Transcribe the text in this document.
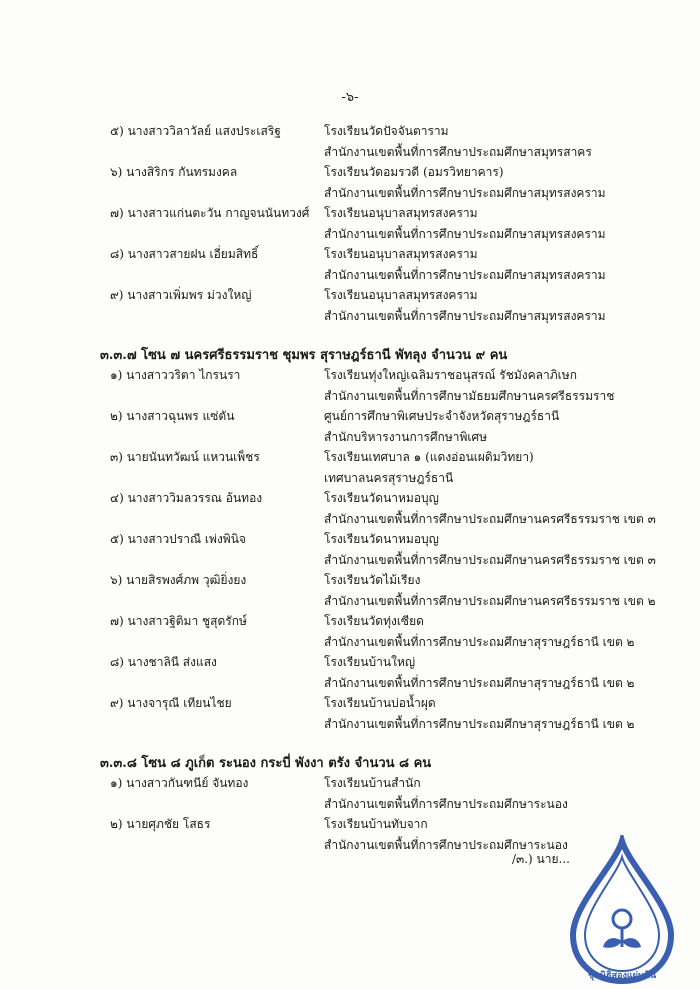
-๖-
๕) นางสาววิลาวัลย์ แสงประเสริฐ	โรงเรียนวัดปัจจันตาราม
สำนักงานเขตพื้นที่การศึกษาประถมศึกษาสมุทรสาคร
๖) นางสิริกร กันทรมงคล	โรงเรียนวัดอมรวดี (อมรวิทยาคาร)
สำนักงานเขตพื้นที่การศึกษาประถมศึกษาสมุทรสงคราม
๗) นางสาวแก่นตะวัน กาญจนนันทวงศ์ โรงเรียนอนุบาลสมุทรสงคราม
สำนักงานเขตพื้นที่การศึกษาประถมศึกษาสมุทรสงคราม
๘) นางสาวสายฝน เอี่ยมสิทธิ์	โรงเรียนอนุบาลสมุทรสงคราม
สำนักงานเขตพื้นที่การศึกษาประถมศึกษาสมุทรสงคราม
๙) นางสาวเพิ่มพร ม่วงใหญ่	โรงเรียนอนุบาลสมุทรสงคราม
สำนักงานเขตพื้นที่การศึกษาประถมศึกษาสมุทรสงคราม
๓.๓.๗ โซน ๗ นครศรีธรรมราช ชุมพร สุราษฎร์ธานี พัทลุง จำนวน ๙ คน
๑) นางสาววริตา ไกรนรา	โรงเรียนทุ่งใหญ่เฉลิมราชอนุสรณ์ รัชมังคลาภิเษก
สำนักงานเขตพื้นที่การศึกษามัธยมศึกษานครศรีธรรมราช
๒) นางสาวฉุนพร แซ่ตัน	ศูนย์การศึกษาพิเศษประจำจังหวัดสุราษฎร์ธานี
สำนักบริหารงานการศึกษาพิเศษ
๓) นายนันทวัฒน์ แหวนเพ็ชร	โรงเรียนเทศบาล ๑ (แดงอ่อนเผดิมวิทยา)
เทศบาลนครสุราษฎร์ธานี
๔) นางสาววิมลวรรณ อ้นทอง	โรงเรียนวัดนาหมอบุญ
สำนักงานเขตพื้นที่การศึกษาประถมศึกษานครศรีธรรมราช เขต ๓
๕) นางสาวปราณี เพ่งพินิจ	โรงเรียนวัดนาหมอบุญ
สำนักงานเขตพื้นที่การศึกษาประถมศึกษานครศรีธรรมราช เขต ๓
๖) นายสิรพงศ์ภพ วุฒิยิ่งยง	โรงเรียนวัดไม้เรียง
สำนักงานเขตพื้นที่การศึกษาประถมศึกษานครศรีธรรมราช เขต ๒
๗) นางสาวฐิติมา ชูสุดรักษ์	โรงเรียนวัดทุ่งเซียด
สำนักงานเขตพื้นที่การศึกษาประถมศึกษาสุราษฎร์ธานี เขต ๒
๘) นางชาลินี ส่งแสง	โรงเรียนบ้านใหญ่
สำนักงานเขตพื้นที่การศึกษาประถมศึกษาสุราษฎร์ธานี เขต ๒
๙) นางจารุณี เทียนไชย	โรงเรียนบ้านบ่อน้ำผุด
สำนักงานเขตพื้นที่การศึกษาประถมศึกษาสุราษฎร์ธานี เขต ๒
๓.๓.๘ โซน ๘ ภูเก็ต ระนอง กระบี่ พังงา ตรัง จำนวน ๘ คน
๑) นางสาวกันฑนีย์ จันทอง	โรงเรียนบ้านสำนัก
สำนักงานเขตพื้นที่การศึกษาประถมศึกษาระนอง
๒) นายศุภชัย โสธร	โรงเรียนบ้านทับจาก
สำนักงานเขตพื้นที่การศึกษาประถมศึกษาระนอง
/๓.) นาย...
ชุมนิธิสองแผ่นดิน
